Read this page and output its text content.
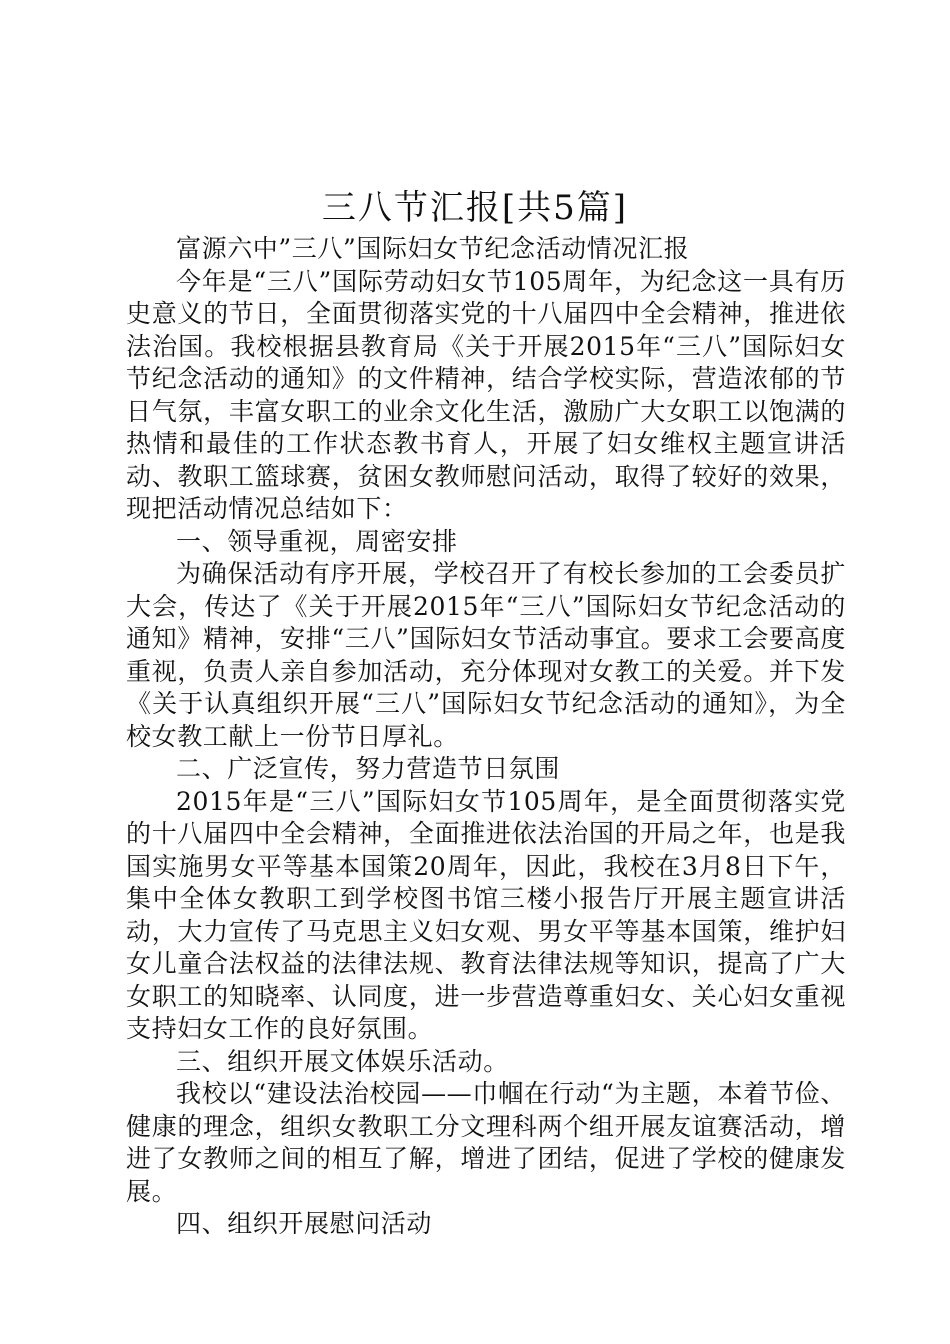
三八节汇报[共5篇]

富源六中”三八”国际妇女节纪念活动情况汇报

今年是“三八”国际劳动妇女节105周年，为纪念这一具有历史意义的节日，全面贯彻落实党的十八届四中全会精神，推进依法治国。我校根据县教育局《关于开展2015年“三八”国际妇女节纪念活动的通知》的文件精神，结合学校实际，营造浓郁的节日气氛，丰富女职工的业余文化生活，激励广大女职工以饱满的热情和最佳的工作状态教书育人，开展了妇女维权主题宣讲活动、教职工篮球赛，贫困女教师慰问活动，取得了较好的效果，现把活动情况总结如下：

一、领导重视，周密安排

为确保活动有序开展，学校召开了有校长参加的工会委员扩大会，传达了《关于开展2015年“三八”国际妇女节纪念活动的通知》精神，安排“三八”国际妇女节活动事宜。要求工会要高度重视，负责人亲自参加活动，充分体现对女教工的关爱。并下发《关于认真组织开展“三八”国际妇女节纪念活动的通知》，为全校女教工献上一份节日厚礼。

二、广泛宣传，努力营造节日氛围

2015年是“三八”国际妇女节105周年，是全面贯彻落实党的十八届四中全会精神，全面推进依法治国的开局之年，也是我国实施男女平等基本国策20周年，因此，我校在3月8日下午，集中全体女教职工到学校图书馆三楼小报告厅开展主题宣讲活动，大力宣传了马克思主义妇女观、男女平等基本国策，维护妇女儿童合法权益的法律法规、教育法律法规等知识，提高了广大女职工的知晓率、认同度，进一步营造尊重妇女、关心妇女重视支持妇女工作的良好氛围。

三、组织开展文体娱乐活动。

我校以“建设法治校园——巾帼在行动“为主题，本着节俭、健康的理念，组织女教职工分文理科两个组开展友谊赛活动，增进了女教师之间的相互了解，增进了团结，促进了学校的健康发展。

四、组织开展慰问活动
